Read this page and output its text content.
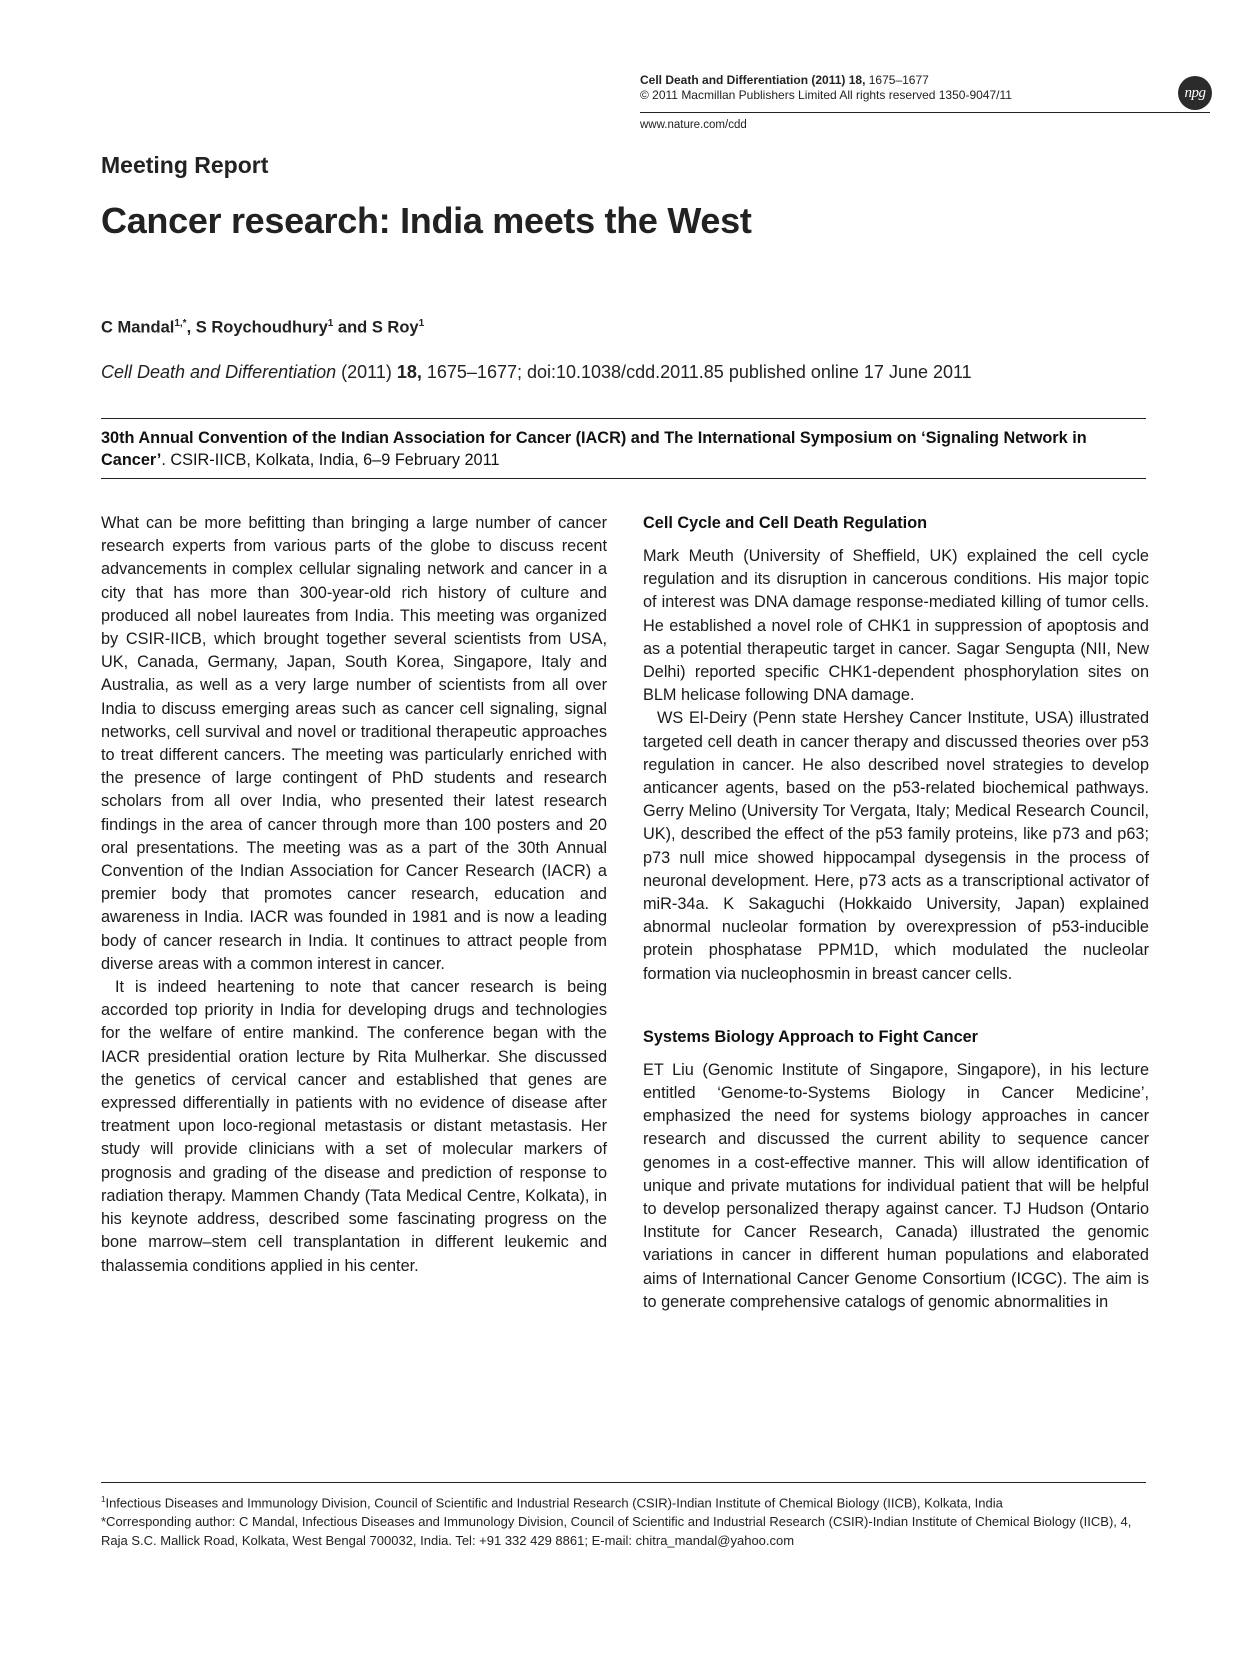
Cell Death and Differentiation (2011) 18, 1675–1677
© 2011 Macmillan Publishers Limited All rights reserved 1350-9047/11
www.nature.com/cdd
npg
Meeting Report
Cancer research: India meets the West
C Mandal$^{1,*}$, S Roychoudhury$^1$ and S Roy$^1$
Cell Death and Differentiation (2011) 18, 1675–1677; doi:10.1038/cdd.2011.85 published online 17 June 2011
30th Annual Convention of the Indian Association for Cancer (IACR) and The International Symposium on ‘Signaling Network in Cancer’. CSIR-IICB, Kolkata, India, 6–9 February 2011

What can be more befitting than bringing a large number of cancer research experts from various parts of the globe to discuss recent advancements in complex cellular signaling network and cancer in a city that has more than 300-year-old rich history of culture and produced all nobel laureates from India. This meeting was organized by CSIR-IICB, which brought together several scientists from USA, UK, Canada, Germany, Japan, South Korea, Singapore, Italy and Australia, as well as a very large number of scientists from all over India to discuss emerging areas such as cancer cell signaling, signal networks, cell survival and novel or traditional therapeutic approaches to treat different cancers. The meeting was particularly enriched with the presence of large contingent of PhD students and research scholars from all over India, who presented their latest research findings in the area of cancer through more than 100 posters and 20 oral presentations. The meeting was as a part of the 30th Annual Convention of the Indian Association for Cancer Research (IACR) a premier body that promotes cancer research, education and awareness in India. IACR was founded in 1981 and is now a leading body of cancer research in India. It continues to attract people from diverse areas with a common interest in cancer.

It is indeed heartening to note that cancer research is being accorded top priority in India for developing drugs and technologies for the welfare of entire mankind. The conference began with the IACR presidential oration lecture by Rita Mulherkar. She discussed the genetics of cervical cancer and established that genes are expressed differentially in patients with no evidence of disease after treatment upon loco-regional metastasis or distant metastasis. Her study will provide clinicians with a set of molecular markers of prognosis and grading of the disease and prediction of response to radiation therapy. Mammen Chandy (Tata Medical Centre, Kolkata), in his keynote address, described some fascinating progress on the bone marrow–stem cell transplantation in different leukemic and thalassemia conditions applied in his center.

Cell Cycle and Cell Death Regulation

Mark Meuth (University of Sheffield, UK) explained the cell cycle regulation and its disruption in cancerous conditions. His major topic of interest was DNA damage response-mediated killing of tumor cells. He established a novel role of CHK1 in suppression of apoptosis and as a potential therapeutic target in cancer. Sagar Sengupta (NII, New Delhi) reported specific CHK1-dependent phosphorylation sites on BLM helicase following DNA damage.

WS El-Deiry (Penn state Hershey Cancer Institute, USA) illustrated targeted cell death in cancer therapy and discussed theories over p53 regulation in cancer. He also described novel strategies to develop anticancer agents, based on the p53-related biochemical pathways. Gerry Melino (University Tor Vergata, Italy; Medical Research Council, UK), described the effect of the p53 family proteins, like p73 and p63; p73 null mice showed hippocampal dysegensis in the process of neuronal development. Here, p73 acts as a transcriptional activator of miR-34a. K Sakaguchi (Hokkaido University, Japan) explained abnormal nucleolar formation by overexpression of p53-inducible protein phosphatase PPM1D, which modulated the nucleolar formation via nucleophosmin in breast cancer cells.

Systems Biology Approach to Fight Cancer

ET Liu (Genomic Institute of Singapore, Singapore), in his lecture entitled ‘Genome-to-Systems Biology in Cancer Medicine’, emphasized the need for systems biology approaches in cancer research and discussed the current ability to sequence cancer genomes in a cost-effective manner. This will allow identification of unique and private mutations for individual patient that will be helpful to develop personalized therapy against cancer. TJ Hudson (Ontario Institute for Cancer Research, Canada) illustrated the genomic variations in cancer in different human populations and elaborated aims of International Cancer Genome Consortium (ICGC). The aim is to generate comprehensive catalogs of genomic abnormalities in

$^1$Infectious Diseases and Immunology Division, Council of Scientific and Industrial Research (CSIR)-Indian Institute of Chemical Biology (IICB), Kolkata, India
*Corresponding author: C Mandal, Infectious Diseases and Immunology Division, Council of Scientific and Industrial Research (CSIR)-Indian Institute of Chemical Biology (IICB), 4, Raja S.C. Mallick Road, Kolkata, West Bengal 700032, India. Tel: +91 332 429 8861; E-mail: chitra_mandal@yahoo.com
